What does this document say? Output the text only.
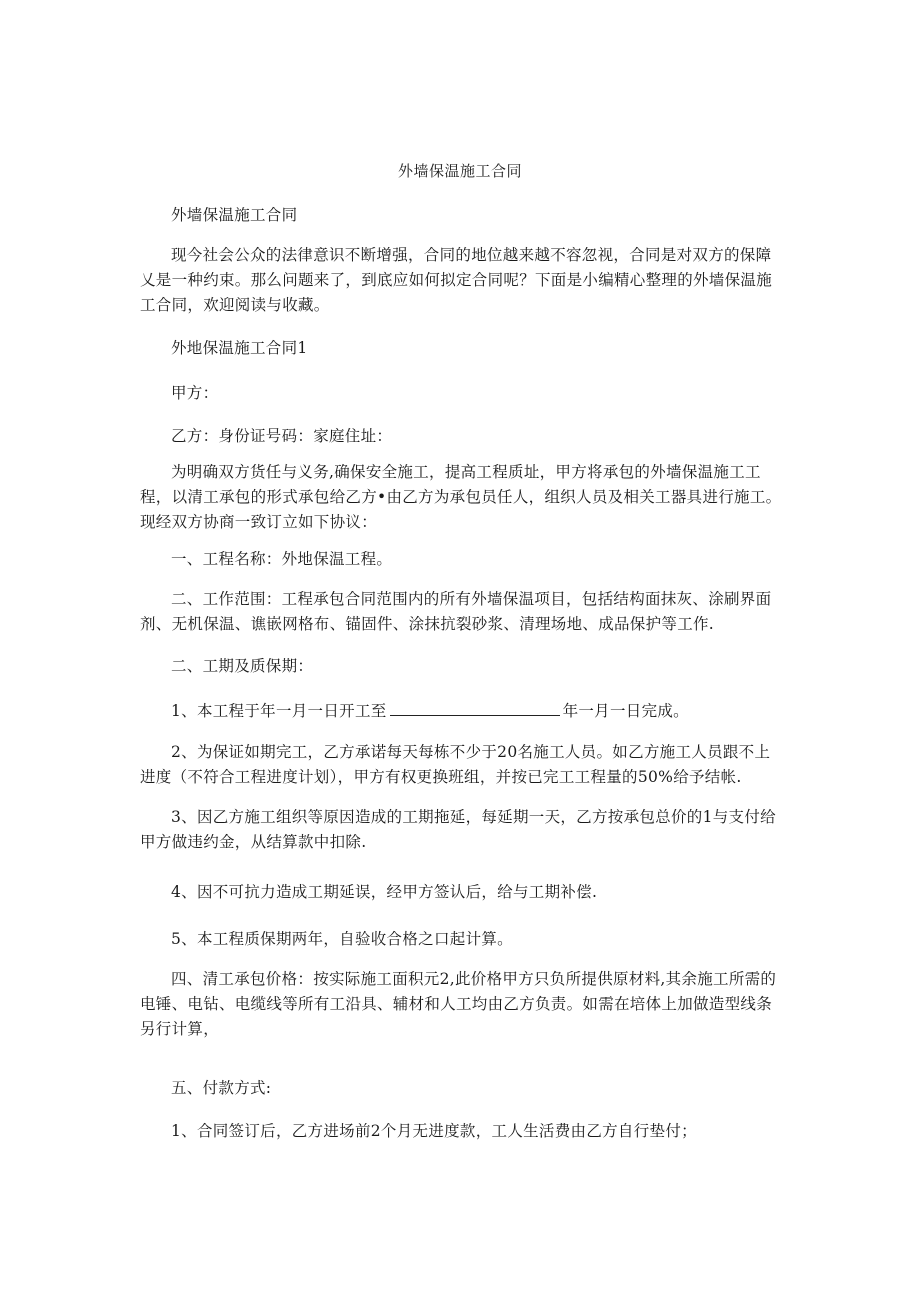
外墙保温施工合同
外墙保温施工合同
现今社会公众的法律意识不断增强，合同的地位越来越不容忽视，合同是对双方的保障乂是一种约束。那么问题来了，到底应如何拟定合同呢？下面是小编精心整理的外墙保温施工合同，欢迎阅读与收藏。
外地保温施工合同1
甲方：
乙方：身份证号码：家庭住址：
为明确双方货任与义务,确保安全施工，提高工程质址，甲方将承包的外墙保温施工工程，以清工承包的形式承包给乙方•由乙方为承包员任人，组织人员及相关工器具进行施工。现经双方协商一致订立如下协议：
一、工程名称：外地保温工程。
二、工作范围：工程承包合同范围内的所有外墙保温项目，包括结构面抹灰、涂刷界面剂、无机保温、谯嵌网格布、锚固件、涂抹抗裂砂浆、清理场地、成品保护等工作.
二、工期及质保期：
1、本工程于年一月一日开工至	年一月一日完成。
2、为保证如期完工，乙方承诺每天每栋不少于20名施工人员。如乙方施工人员跟不上进度（不符合工程进度计划），甲方有权更换班组，并按已完工工程量的50%给予结帐.
3、因乙方施工组织等原因造成的工期拖延，每延期一天，乙方按承包总价的1与支付给甲方做违约金，从结算款中扣除.
4、因不可抗力造成工期延误，经甲方签认后，给与工期补偿.
5、本工程质保期两年，自验收合格之口起计算。
四、清工承包价格：按实际施工面积元2,此价格甲方只负所提供原材料,其余施工所需的电锤、电钻、电缆线等所有工沿具、辅材和人工均由乙方负责。如需在培体上加做造型线条另行计算，
五、付款方式:
1、合同签订后，乙方进场前2个月无进度款，工人生活费由乙方自行垫付；
